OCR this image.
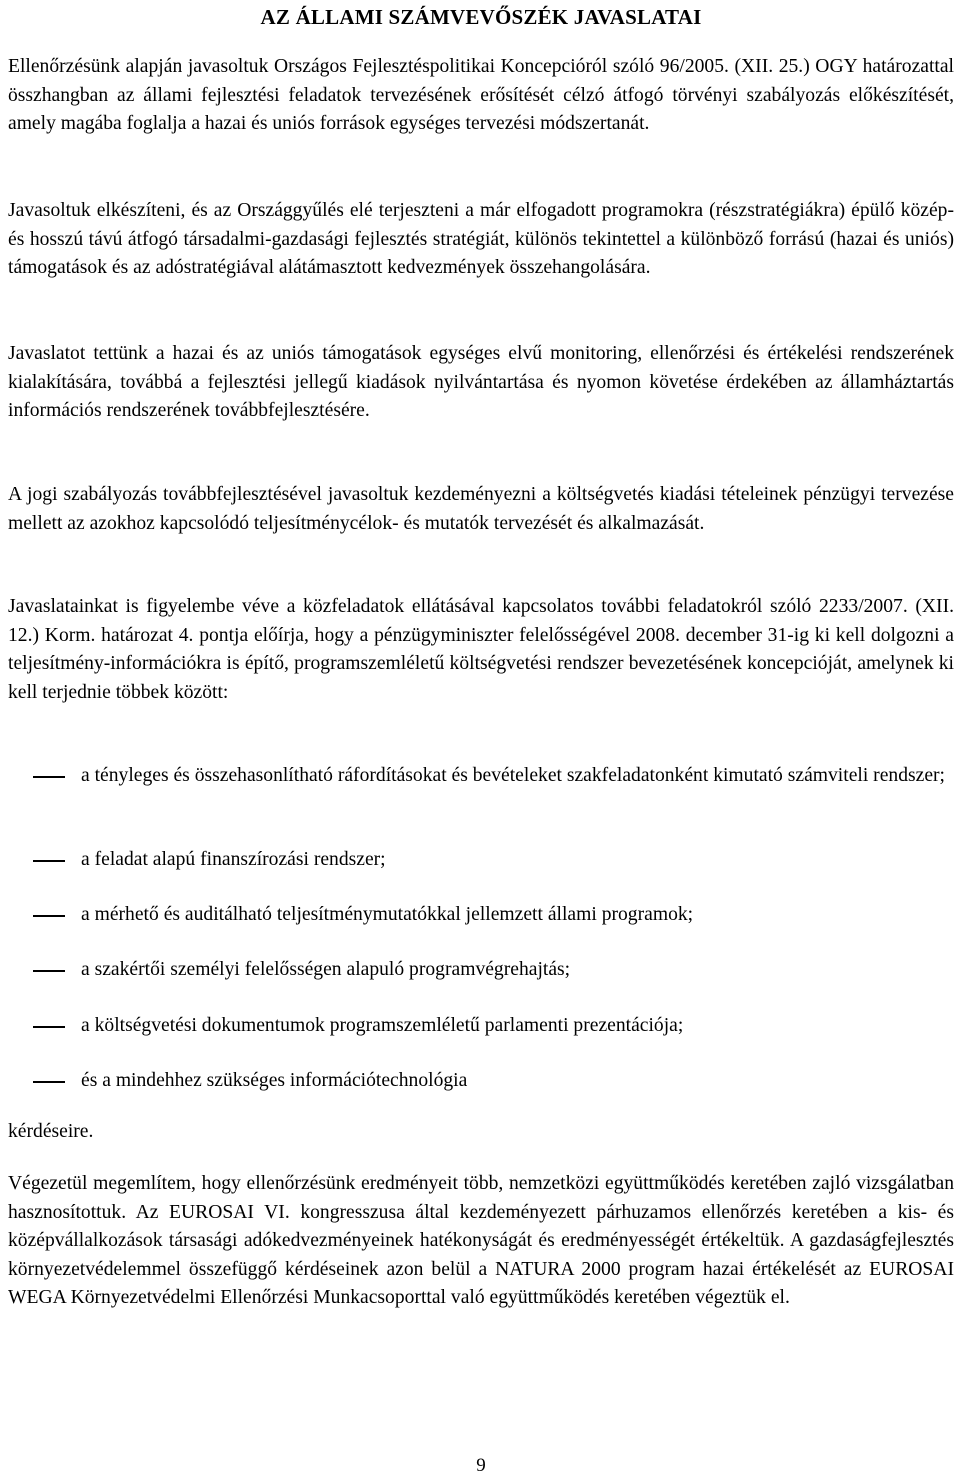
AZ ÁLLAMI SZÁMVEVŐSZÉK JAVASLATAI

Ellenőrzésünk alapján javasoltuk Országos Fejlesztéspolitikai Koncepcióról szóló 96/2005. (XII. 25.) OGY határozattal összhangban az állami fejlesztési feladatok tervezésének erősítését célzó átfogó törvényi szabályozás előkészítését, amely magába foglalja a hazai és uniós források egységes tervezési módszertanát.

Javasoltuk elkészíteni, és az Országgyűlés elé terjeszteni a már elfogadott programokra (részstratégiákra) épülő közép- és hosszú távú átfogó társadalmi-gazdasági fejlesztés stratégiát, különös tekintettel a különböző forrású (hazai és uniós) támogatások és az adóstratégiával alátámasztott kedvezmények összehangolására.

Javaslatot tettünk a hazai és az uniós támogatások egységes elvű monitoring, ellenőrzési és értékelési rendszerének kialakítására, továbbá a fejlesztési jellegű kiadások nyilvántartása és nyomon követése érdekében az államháztartás információs rendszerének továbbfejlesztésére.

A jogi szabályozás továbbfejlesztésével javasoltuk kezdeményezni a költségvetés kiadási tételeinek pénzügyi tervezése mellett az azokhoz kapcsolódó teljesítménycélok- és mutatók tervezését és alkalmazását.

Javaslatainkat is figyelembe véve a közfeladatok ellátásával kapcsolatos további feladatokról szóló 2233/2007. (XII. 12.) Korm. határozat 4. pontja előírja, hogy a pénzügyminiszter felelősségével 2008. december 31-ig ki kell dolgozni a teljesítmény-információkra is építő, programszemléletű költségvetési rendszer bevezetésének koncepcióját, amelynek ki kell terjednie többek között:

a tényleges és összehasonlítható ráfordításokat és bevételeket szakfeladatonként kimutató számviteli rendszer;
a feladat alapú finanszírozási rendszer;
a mérhető és auditálható teljesítménymutatókkal jellemzett állami programok;
a szakértői személyi felelősségen alapuló programvégrehajtás;
a költségvetési dokumentumok programszemléletű parlamenti prezentációja;
és a mindehhez szükséges információtechnológia

kérdéseire.

Végezetül megemlítem, hogy ellenőrzésünk eredményeit több, nemzetközi együttműködés keretében zajló vizsgálatban hasznosítottuk. Az EUROSAI VI. kongresszusa által kezdeményezett párhuzamos ellenőrzés keretében a kis- és középvállalkozások társasági adókedvezményeinek hatékonyságát és eredményességét értékeltük. A gazdaságfejlesztés környezetvédelemmel összefüggő kérdéseinek azon belül a NATURA 2000 program hazai értékelését az EUROSAI WEGA Környezetvédelmi Ellenőrzési Munkacsoporttal való együttműködés keretében végeztük el.

9
